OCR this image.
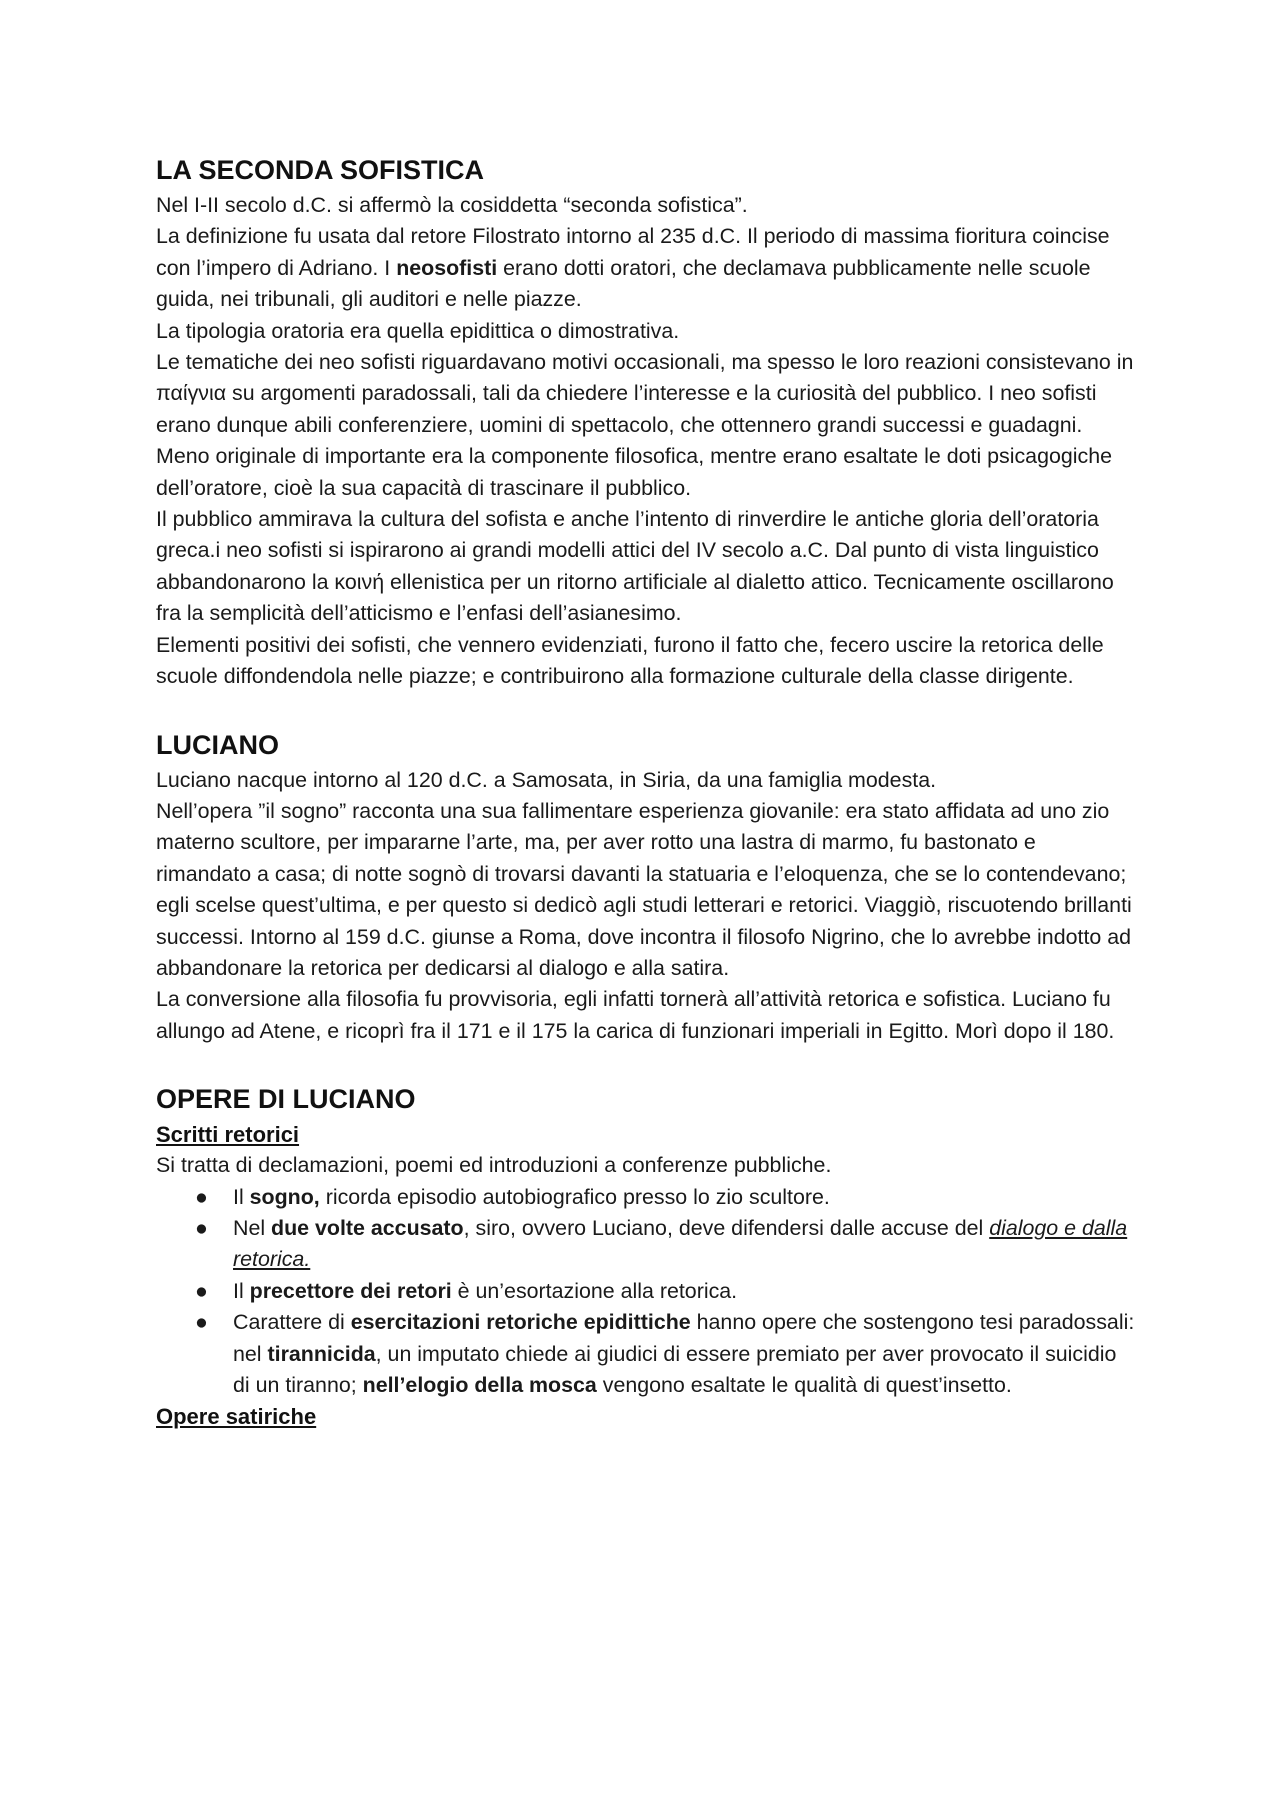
LA SECONDA SOFISTICA

Nel I-II secolo d.C. si affermò la cosiddetta “seconda sofistica”.

La definizione fu usata dal retore Filostrato intorno al 235 d.C. Il periodo di massima fioritura coincise con l’impero di Adriano. I neosofisti erano dotti oratori, che declamava pubblicamente nelle scuole guida, nei tribunali, gli auditori e nelle piazze.

La tipologia oratoria era quella epidittica o dimostrativa.

Le tematiche dei neo sofisti riguardavano motivi occasionali, ma spesso le loro reazioni consistevano in παίγνια su argomenti paradossali, tali da chiedere l’interesse e la curiosità del pubblico. I neo sofisti erano dunque abili conferenziere, uomini di spettacolo, che ottennero grandi successi e guadagni.

Meno originale di importante era la componente filosofica, mentre erano esaltate le doti psicagogiche dell’oratore, cioè la sua capacità di trascinare il pubblico.

Il pubblico ammirava la cultura del sofista e anche l’intento di rinverdire le antiche gloria dell’oratoria greca.i neo sofisti si ispirarono ai grandi modelli attici del IV secolo a.C. Dal punto di vista linguistico abbandonarono la κοινή ellenistica per un ritorno artificiale al dialetto attico. Tecnicamente oscillarono fra la semplicità dell’atticismo e l’enfasi dell’asianesimo.

Elementi positivi dei sofisti, che vennero evidenziati, furono il fatto che, fecero uscire la retorica delle scuole diffondendola nelle piazze; e contribuirono alla formazione culturale della classe dirigente.

LUCIANO

Luciano nacque intorno al 120 d.C. a Samosata, in Siria, da una famiglia modesta.

Nell’opera ”il sogno” racconta una sua fallimentare esperienza giovanile: era stato affidata ad uno zio materno scultore, per impararne l’arte, ma, per aver rotto una lastra di marmo, fu bastonato e rimandato a casa; di notte sognò di trovarsi davanti la statuaria e l’eloquenza, che se lo contendevano; egli scelse quest’ultima, e per questo si dedicò agli studi letterari e retorici. Viaggiò, riscuotendo brillanti successi. Intorno al 159 d.C. giunse a Roma, dove incontra il filosofo Nigrino, che lo avrebbe indotto ad abbandonare la retorica per dedicarsi al dialogo e alla satira.

La conversione alla filosofia fu provvisoria, egli infatti tornerà all’attività retorica e sofistica. Luciano fu allungo ad Atene, e ricoprì fra il 171 e il 175 la carica di funzionari imperiali in Egitto. Morì dopo il 180.

OPERE DI LUCIANO
Scritti retorici

Si tratta di declamazioni, poemi ed introduzioni a conferenze pubbliche.

● Il sogno, ricorda episodio autobiografico presso lo zio scultore.
● Nel due volte accusato, siro, ovvero Luciano, deve difendersi dalle accuse del dialogo e dalla retorica.
● Il precettore dei retori è un’esortazione alla retorica.
● Carattere di esercitazioni retoriche epidittiche hanno opere che sostengono tesi paradossali: nel tirannicida, un imputato chiede ai giudici di essere premiato per aver provocato il suicidio di un tiranno; nell’elogio della mosca vengono esaltate le qualità di quest’insetto.
Opere satiriche
